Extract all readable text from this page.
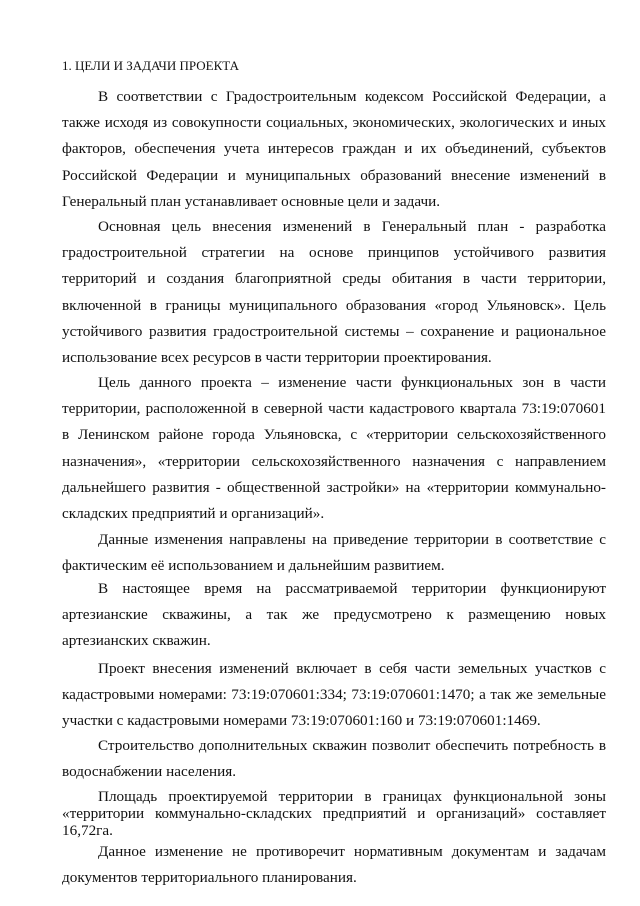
1. ЦЕЛИ И ЗАДАЧИ ПРОЕКТА

В соответствии с Градостроительным кодексом Российской Федерации, а также исходя из совокупности социальных, экономических, экологических и иных факторов, обеспечения учета интересов граждан и их объединений, субъектов Российской Федерации и муниципальных образований внесение изменений в Генеральный план устанавливает основные цели и задачи.

Основная цель внесения изменений в Генеральный план - разработка градостроительной стратегии на основе принципов устойчивого развития территорий и создания благоприятной среды обитания в части территории, включенной в границы муниципального образования «город Ульяновск». Цель устойчивого развития градостроительной системы – сохранение и рациональное использование всех ресурсов в части территории проектирования.

Цель данного проекта – изменение части функциональных зон в части территории, расположенной в северной части кадастрового квартала 73:19:070601 в Ленинском районе города Ульяновска, с «территории сельскохозяйственного назначения», «территории сельскохозяйственного назначения с направлением дальнейшего развития - общественной застройки» на «территории коммунально-складских предприятий и организаций».

Данные изменения направлены на приведение территории в соответствие с фактическим её использованием и дальнейшим развитием.

В настоящее время на рассматриваемой территории функционируют артезианские скважины, а так же предусмотрено к размещению новых артезианских скважин.

Проект внесения изменений включает в себя части земельных участков с кадастровыми номерами: 73:19:070601:334; 73:19:070601:1470; а так же земельные участки с кадастровыми номерами 73:19:070601:160 и 73:19:070601:1469.

Строительство дополнительных скважин позволит обеспечить потребность в водоснабжении населения.

Площадь проектируемой территории в границах функциональной зоны «территории коммунально-складских предприятий и организаций» составляет 16,72га.

Данное изменение не противоречит нормативным документам и задачам документов территориального планирования.
